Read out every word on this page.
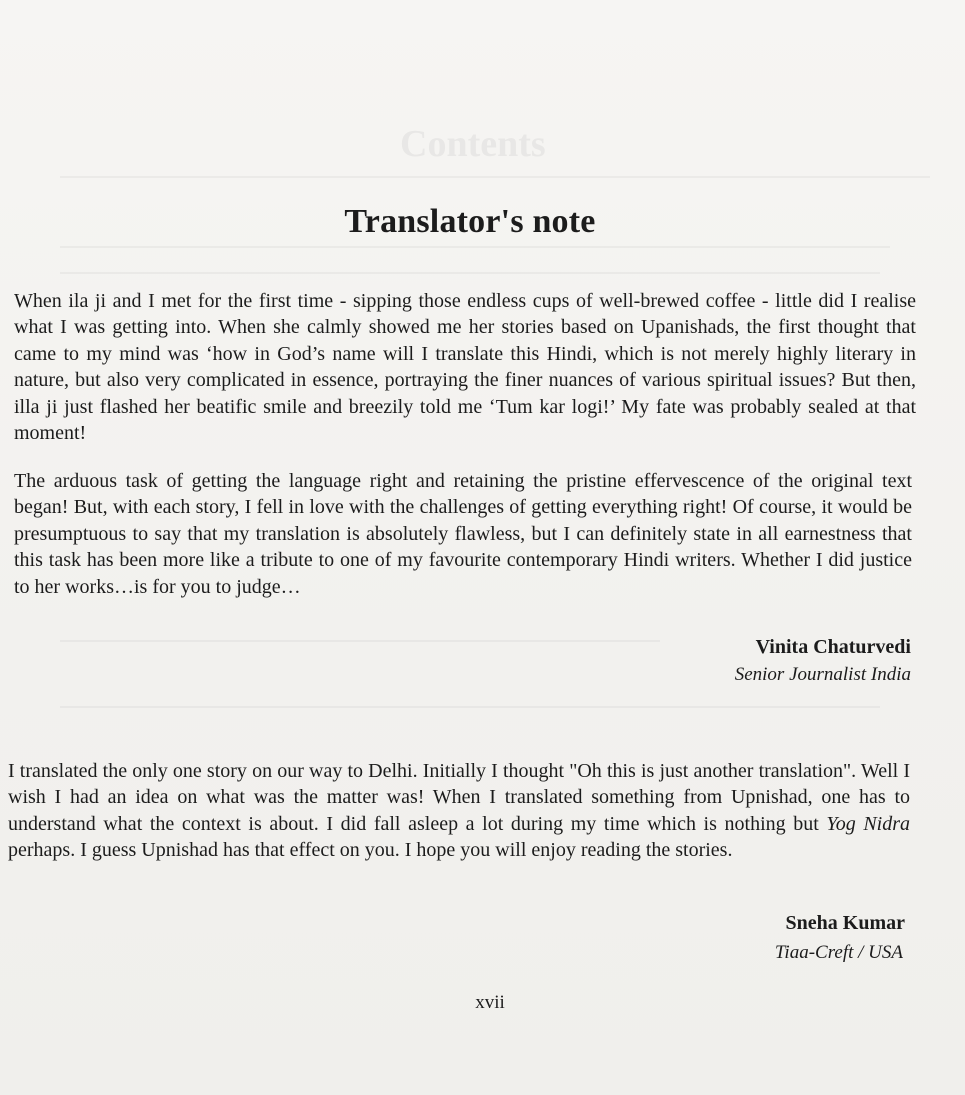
Contents
Translator's note

When ila ji and I met for the first time - sipping those endless cups of well-brewed coffee - little did I realise what I was getting into. When she calmly showed me her stories based on Upanishads, the first thought that came to my mind was ‘how in God’s name will I translate this Hindi, which is not merely highly literary in nature, but also very complicated in essence, portraying the finer nuances of various spiritual issues? But then, illa ji just flashed her beatific smile and breezily told me ‘Tum kar logi!’ My fate was probably sealed at that moment!

The arduous task of getting the language right and retaining the pristine effervescence of the original text began! But, with each story, I fell in love with the challenges of getting everything right! Of course, it would be presumptuous to say that my translation is absolutely flawless, but I can definitely state in all earnestness that this task has been more like a tribute to one of my favourite contemporary Hindi writers. Whether I did justice to her works…is for you to judge…

Vinita Chaturvedi
Senior Journalist India

I translated the only one story on our way to Delhi. Initially I thought "Oh this is just another translation". Well I wish I had an idea on what was the matter was! When I translated something from Upnishad, one has to understand what the context is about. I did fall asleep a lot during my time which is nothing but Yog Nidra perhaps. I guess Upnishad has that effect on you. I hope you will enjoy reading the stories.

Sneha Kumar
Tiaa-Creft / USA
xvii
